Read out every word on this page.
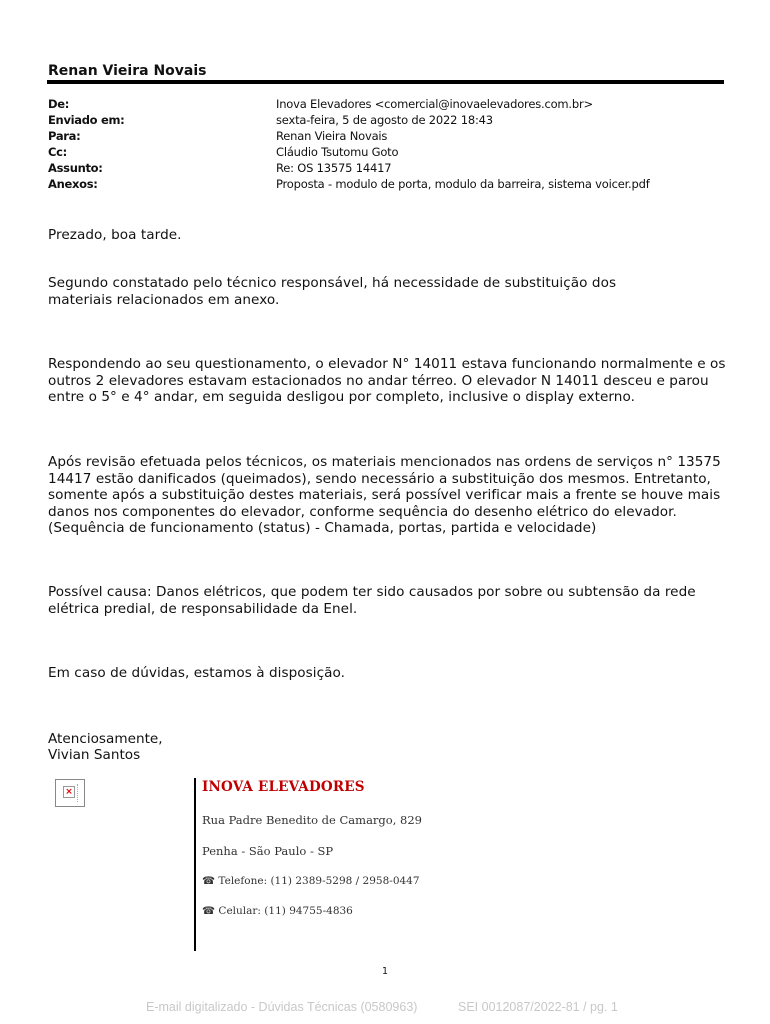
Renan Vieira Novais
De:	Inova Elevadores <comercial@inovaelevadores.com.br>
Enviado em:	sexta-feira, 5 de agosto de 2022 18:43
Para:	Renan Vieira Novais
Cc:	Cláudio Tsutomu Goto
Assunto:	Re: OS 13575 14417
Anexos:	Proposta - modulo de porta, modulo da barreira, sistema voicer.pdf
Prezado, boa tarde.
Segundo constatado pelo técnico responsável, há necessidade de substituição dos materiais relacionados em anexo.
Respondendo ao seu questionamento, o elevador N° 14011 estava funcionando normalmente e os outros 2 elevadores estavam estacionados no andar térreo. O elevador N 14011 desceu e parou entre o 5° e 4° andar, em seguida desligou por completo, inclusive o display externo.
Após revisão efetuada pelos técnicos, os materiais mencionados nas ordens de serviços n° 13575 14417 estão danificados (queimados), sendo necessário a substituição dos mesmos. Entretanto, somente após a substituição destes materiais, será possível verificar mais a frente se houve mais danos nos componentes do elevador, conforme sequência do desenho elétrico do elevador. (Sequência de funcionamento (status) - Chamada, portas, partida e velocidade)
Possível causa: Danos elétricos, que podem ter sido causados por sobre ou subtensão da rede elétrica predial, de responsabilidade da Enel.
Em caso de dúvidas, estamos à disposição.
Atenciosamente,
Vivian Santos
×	INOVA ELEVADORES
Rua Padre Benedito de Camargo, 829
Penha - São Paulo - SP
☎ Telefone: (11) 2389-5298 / 2958-0447
☎ Celular: (11) 94755-4836
1
E-mail digitalizado - Dúvidas Técnicas (0580963)	SEI 0012087/2022-81 / pg. 1
